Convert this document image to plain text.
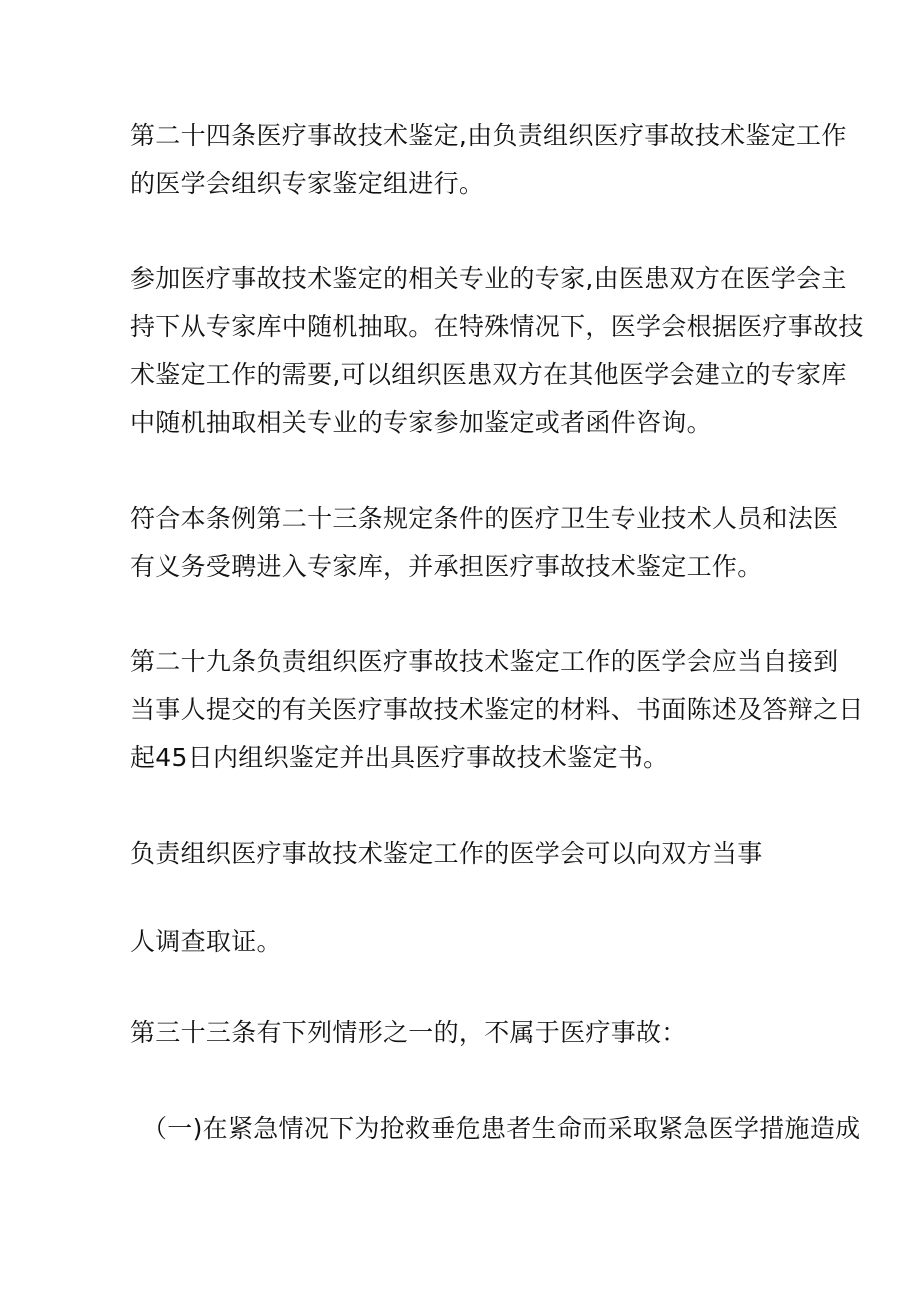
第二十四条医疗事故技术鉴定,由负责组织医疗事故技术鉴定工作
的医学会组织专家鉴定组进行。
参加医疗事故技术鉴定的相关专业的专家,由医患双方在医学会主
持下从专家库中随机抽取。在特殊情况下，医学会根据医疗事故技
术鉴定工作的需要,可以组织医患双方在其他医学会建立的专家库
中随机抽取相关专业的专家参加鉴定或者函件咨询。
符合本条例第二十三条规定条件的医疗卫生专业技术人员和法医
有义务受聘进入专家库，并承担医疗事故技术鉴定工作。
第二十九条负责组织医疗事故技术鉴定工作的医学会应当自接到
当事人提交的有关医疗事故技术鉴定的材料、书面陈述及答辩之日
起45日内组织鉴定并出具医疗事故技术鉴定书。
负责组织医疗事故技术鉴定工作的医学会可以向双方当事
人调查取证。
第三十三条有下列情形之一的，不属于医疗事故：
（一)在紧急情况下为抢救垂危患者生命而采取紧急医学措施造成
